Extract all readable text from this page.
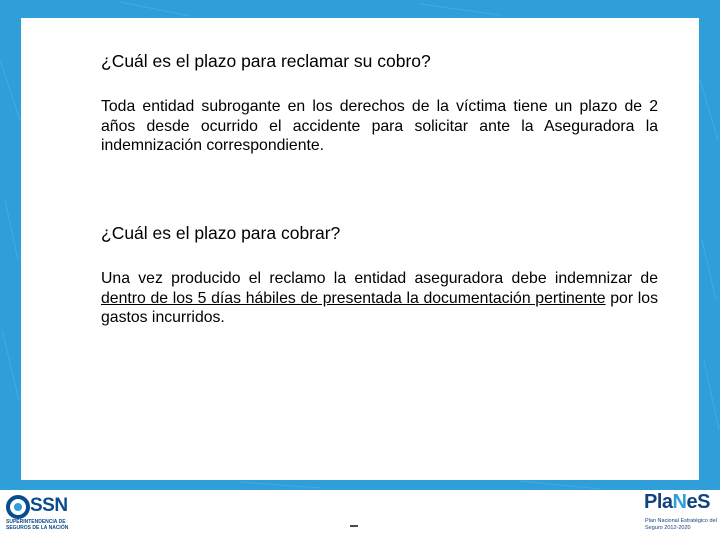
¿Cuál es el plazo para reclamar su cobro?

Toda entidad subrogante en los derechos de la víctima tiene un plazo de 2 años desde ocurrido el accidente para solicitar ante la Aseguradora la indemnización correspondiente.

¿Cuál es el plazo para cobrar?

Una vez producido el reclamo la entidad aseguradora debe indemnizar de dentro de los 5 días hábiles de presentada la documentación pertinente por los gastos incurridos.

SSN
SUPERINTENDENCIA DE SEGUROS DE LA NACIÓN
PlaNeS
Plan Nacional Estratégico del Seguro 2012-2020
